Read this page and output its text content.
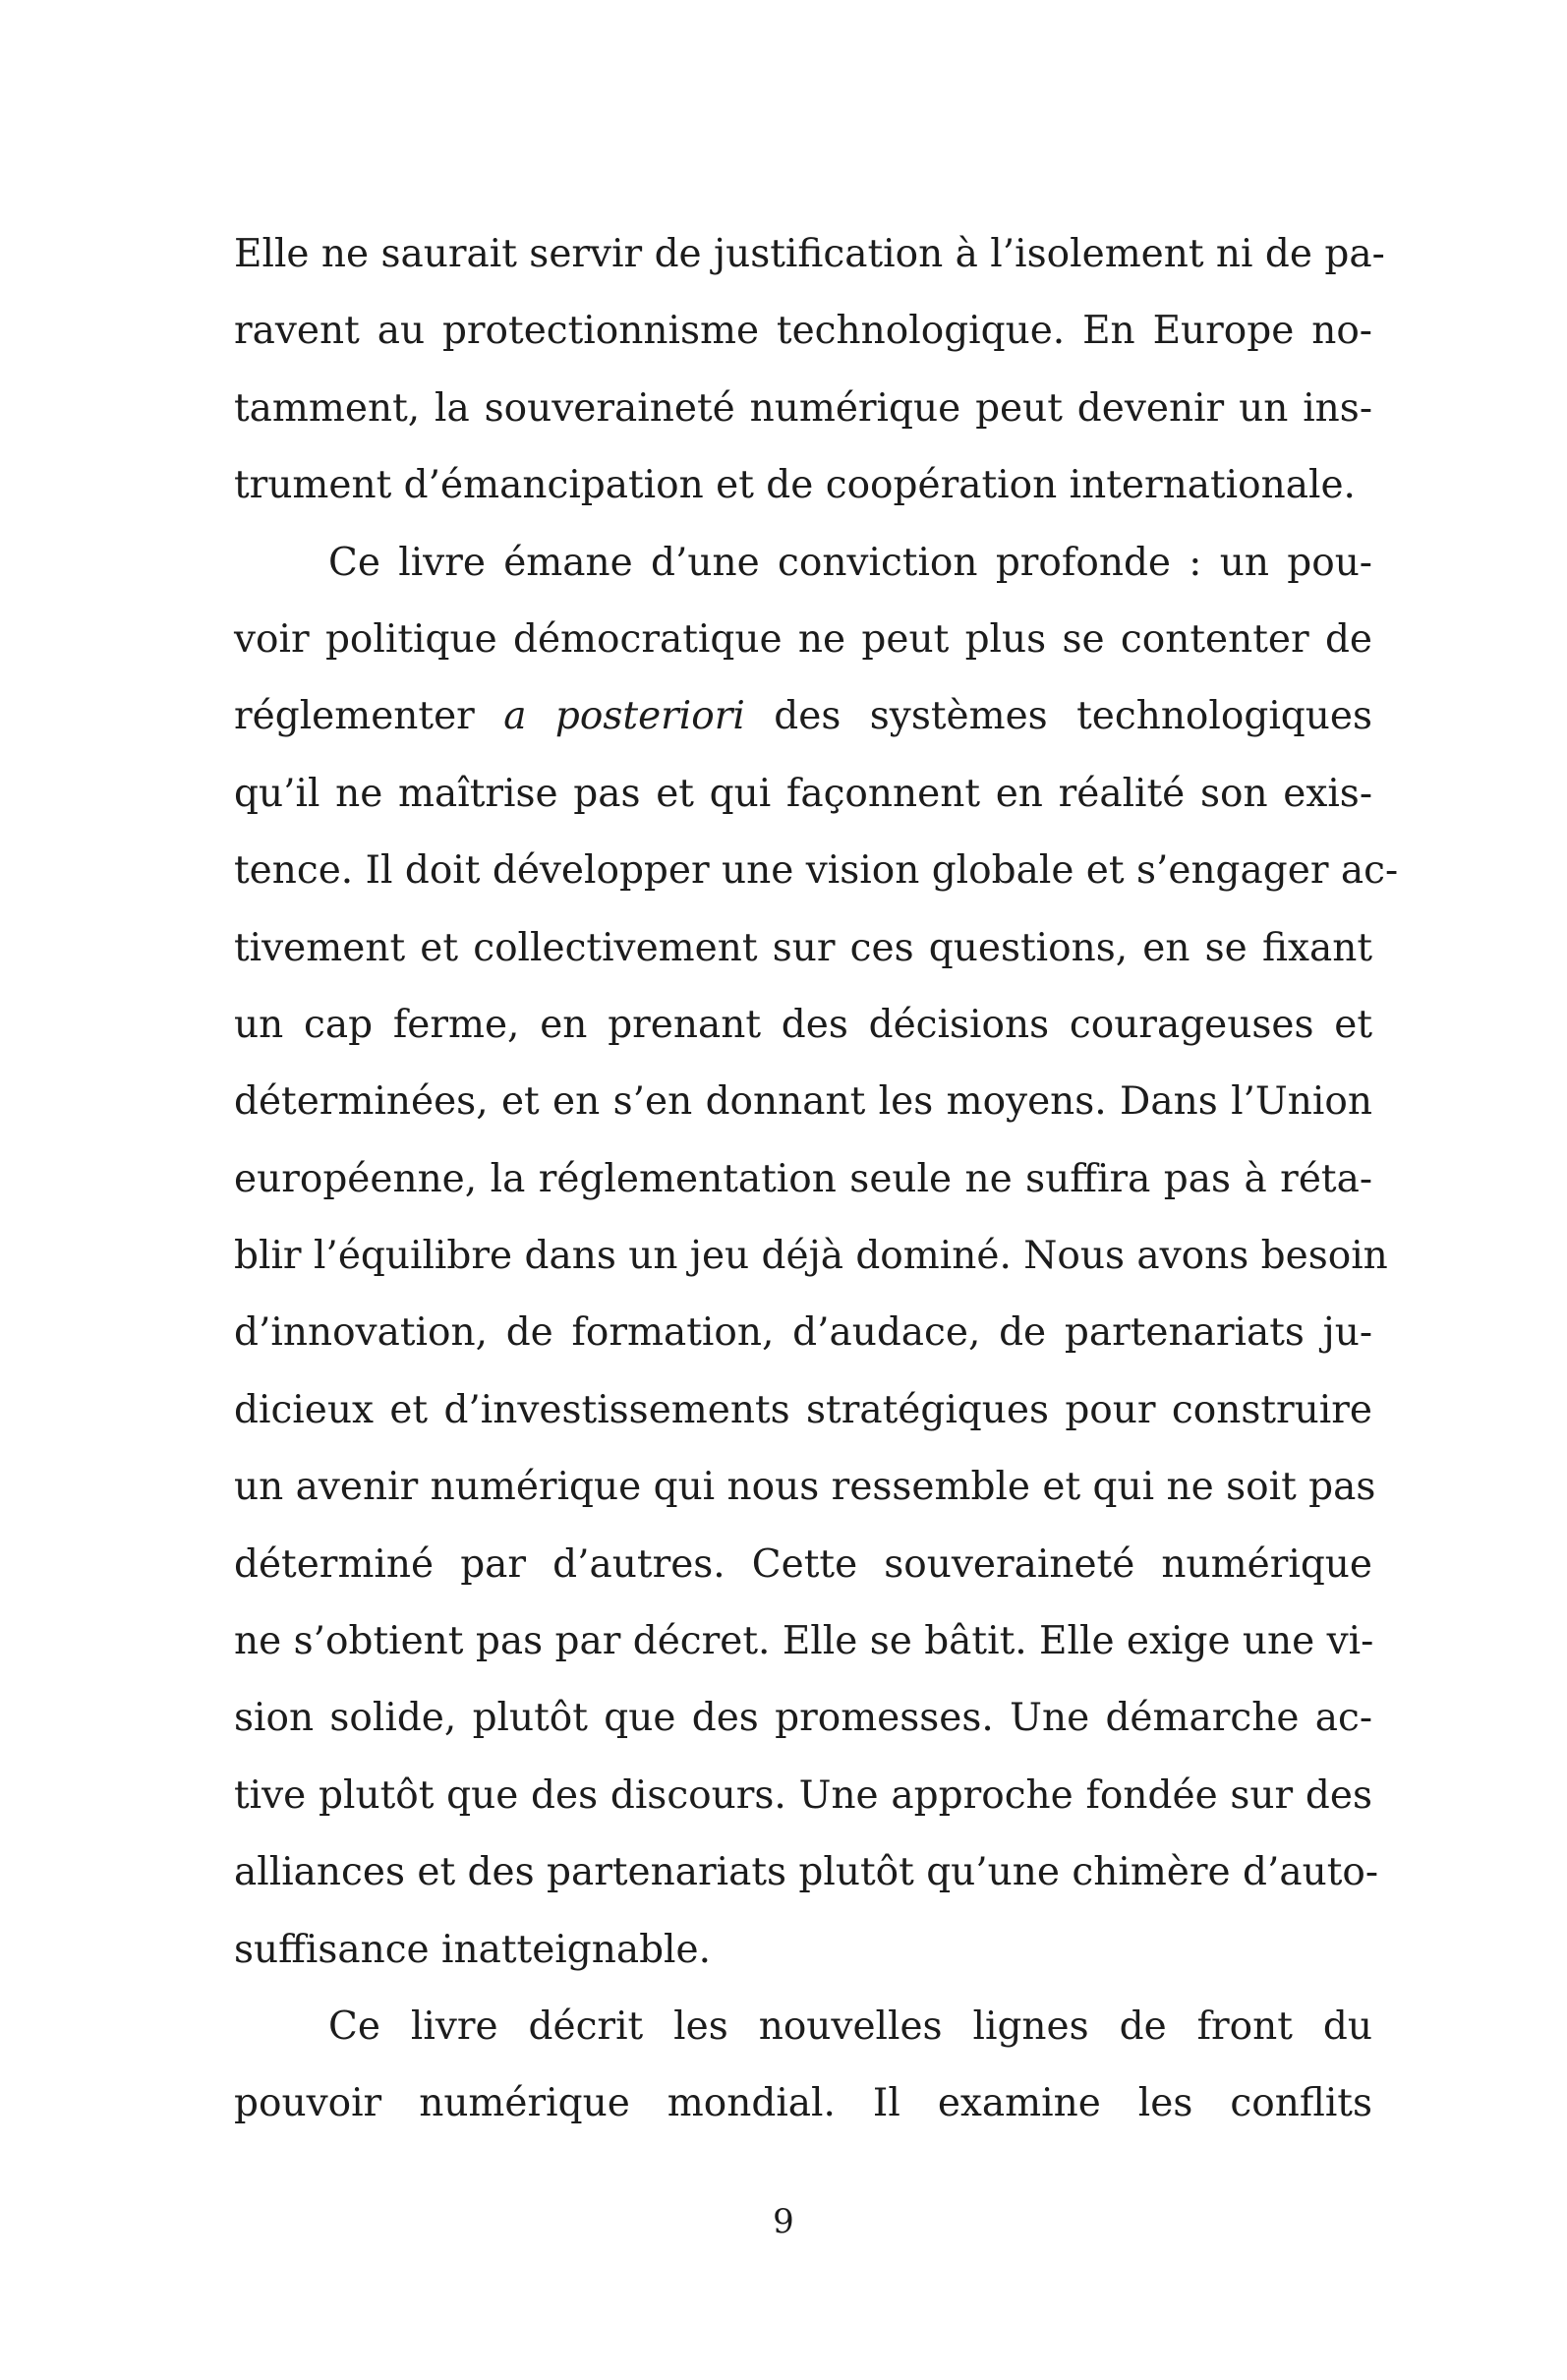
Elle ne saurait servir de justification à l’isolement ni de pa-
ravent au protectionnisme technologique. En Europe no-
tamment, la souveraineté numérique peut devenir un ins-
trument d’émancipation et de coopération internationale.
Ce livre émane d’une conviction profonde : un pou-
voir politique démocratique ne peut plus se contenter de
réglementer a posteriori des systèmes technologiques
qu’il ne maîtrise pas et qui façonnent en réalité son exis-
tence. Il doit développer une vision globale et s’engager ac-
tivement et collectivement sur ces questions, en se fixant
un cap ferme, en prenant des décisions courageuses et
déterminées, et en s’en donnant les moyens. Dans l’Union
européenne, la réglementation seule ne suffira pas à réta-
blir l’équilibre dans un jeu déjà dominé. Nous avons besoin
d’innovation, de formation, d’audace, de partenariats ju-
dicieux et d’investissements stratégiques pour construire
un avenir numérique qui nous ressemble et qui ne soit pas
déterminé par d’autres. Cette souveraineté numérique
ne s’obtient pas par décret. Elle se bâtit. Elle exige une vi-
sion solide, plutôt que des promesses. Une démarche ac-
tive plutôt que des discours. Une approche fondée sur des
alliances et des partenariats plutôt qu’une chimère d’auto-
suffisance inatteignable.
Ce livre décrit les nouvelles lignes de front du
pouvoir numérique mondial. Il examine les conflits
9
